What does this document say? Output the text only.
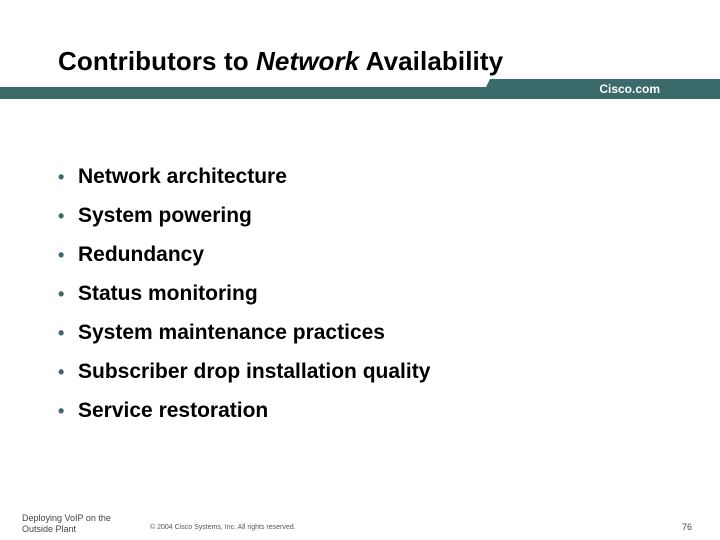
Contributors to Network Availability
Cisco.com
• Network architecture
• System powering
• Redundancy
• Status monitoring
• System maintenance practices
• Subscriber drop installation quality
• Service restoration
Deploying VoIP on the
Outside Plant	© 2004 Cisco Systems, Inc. All rights reserved.	76
